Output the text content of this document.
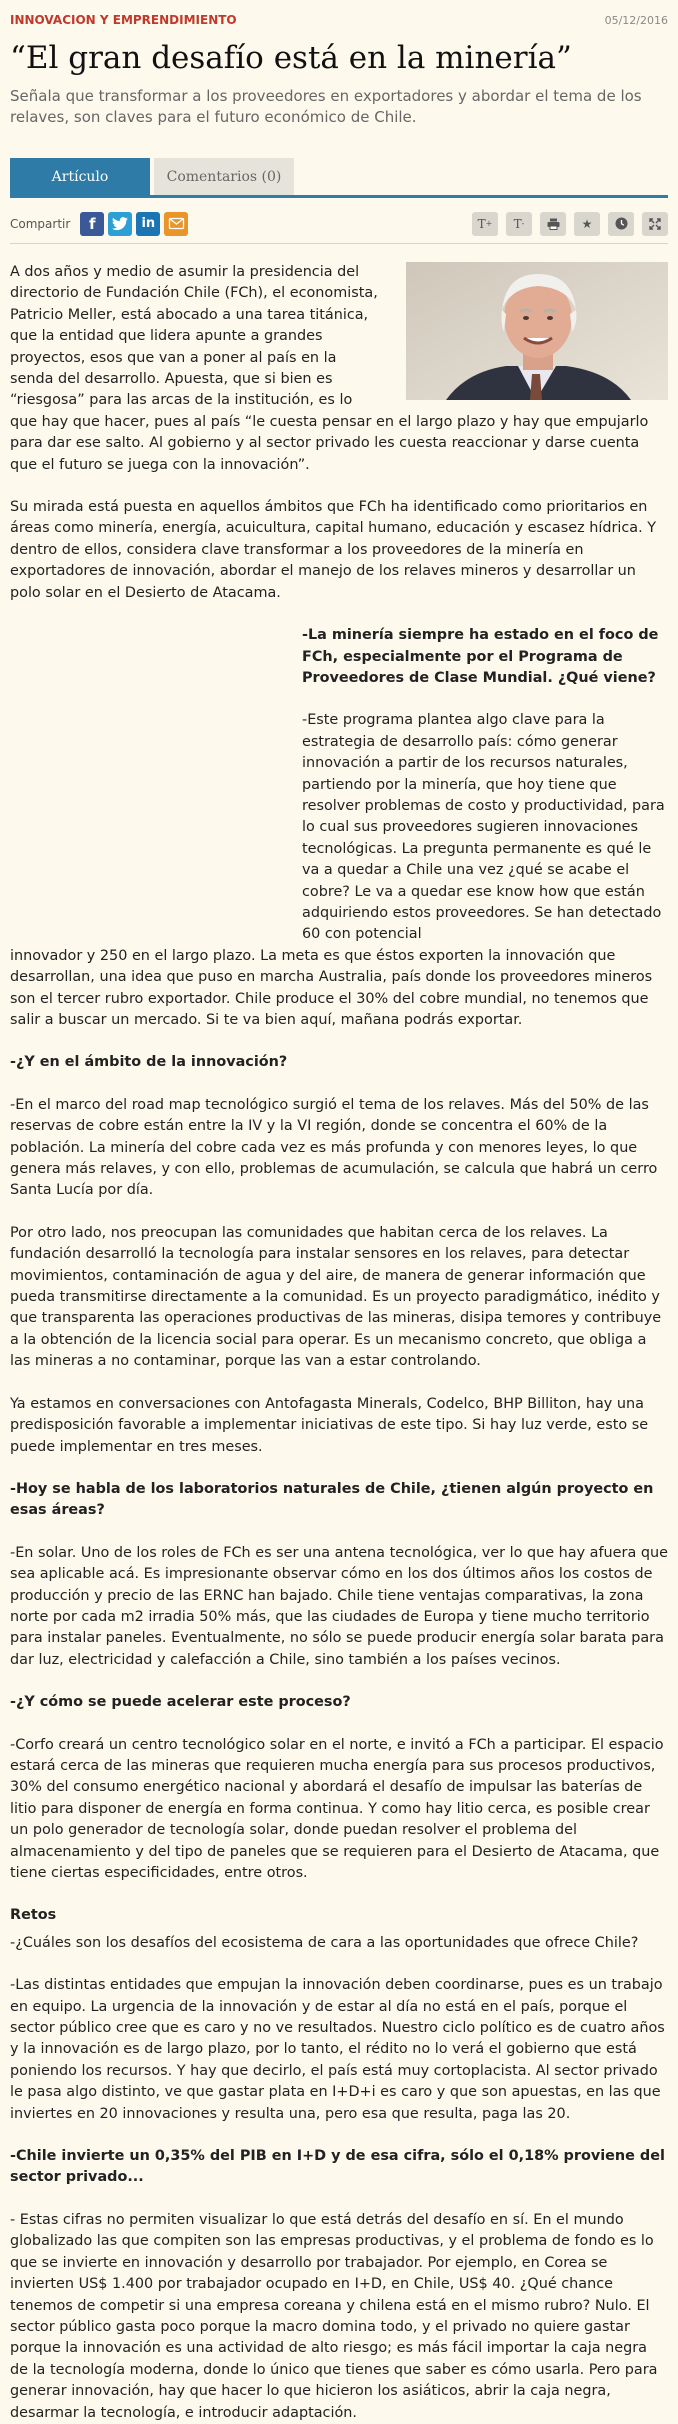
INNOVACION Y EMPRENDIMIENTO	05/12/2016
“El gran desafío está en la minería”

Señala que transformar a los proveedores en exportadores y abordar el tema de los relaves, son claves para el futuro económico de Chile.

Artículo	Comentarios (0)
Compartir	f	in	T +	T -	★

A dos años y medio de asumir la presidencia del directorio de Fundación Chile (FCh), el economista, Patricio Meller, está abocado a una tarea titánica, que la entidad que lidera apunte a grandes proyectos, esos que van a poner al país en la senda del desarrollo. Apuesta, que si bien es “riesgosa” para las arcas de la institución, es lo que hay que hacer, pues al país “le cuesta pensar en el largo plazo y hay que empujarlo para dar ese salto. Al gobierno y al sector privado les cuesta reaccionar y darse cuenta que el futuro se juega con la innovación”.

Su mirada está puesta en aquellos ámbitos que FCh ha identificado como prioritarios en áreas como minería, energía, acuicultura, capital humano, educación y escasez hídrica. Y dentro de ellos, considera clave transformar a los proveedores de la minería en exportadores de innovación, abordar el manejo de los relaves mineros y desarrollar un polo solar en el Desierto de Atacama.

-La minería siempre ha estado en el foco de FCh, especialmente por el Programa de Proveedores de Clase Mundial. ¿Qué viene?

-Este programa plantea algo clave para la estrategia de desarrollo país: cómo generar innovación a partir de los recursos naturales, partiendo por la minería, que hoy tiene que resolver problemas de costo y productividad, para lo cual sus proveedores sugieren innovaciones tecnológicas. La pregunta permanente es qué le va a quedar a Chile una vez ¿qué se acabe el cobre? Le va a quedar ese know how que están adquiriendo estos proveedores. Se han detectado 60 con potencial

innovador y 250 en el largo plazo. La meta es que éstos exporten la innovación que desarrollan, una idea que puso en marcha Australia, país donde los proveedores mineros son el tercer rubro exportador. Chile produce el 30% del cobre mundial, no tenemos que salir a buscar un mercado. Si te va bien aquí, mañana podrás exportar.

-¿Y en el ámbito de la innovación?

-En el marco del road map tecnológico surgió el tema de los relaves. Más del 50% de las reservas de cobre están entre la IV y la VI región, donde se concentra el 60% de la población. La minería del cobre cada vez es más profunda y con menores leyes, lo que genera más relaves, y con ello, problemas de acumulación, se calcula que habrá un cerro Santa Lucía por día.

Por otro lado, nos preocupan las comunidades que habitan cerca de los relaves. La fundación desarrolló la tecnología para instalar sensores en los relaves, para detectar movimientos, contaminación de agua y del aire, de manera de generar información que pueda transmitirse directamente a la comunidad. Es un proyecto paradigmático, inédito y que transparenta las operaciones productivas de las mineras, disipa temores y contribuye a la obtención de la licencia social para operar. Es un mecanismo concreto, que obliga a las mineras a no contaminar, porque las van a estar controlando.

Ya estamos en conversaciones con Antofagasta Minerals, Codelco, BHP Billiton, hay una predisposición favorable a implementar iniciativas de este tipo. Si hay luz verde, esto se puede implementar en tres meses.

-Hoy se habla de los laboratorios naturales de Chile, ¿tienen algún proyecto en esas áreas?

-En solar. Uno de los roles de FCh es ser una antena tecnológica, ver lo que hay afuera que sea aplicable acá. Es impresionante observar cómo en los dos últimos años los costos de producción y precio de las ERNC han bajado. Chile tiene ventajas comparativas, la zona norte por cada m2 irradia 50% más, que las ciudades de Europa y tiene mucho territorio para instalar paneles. Eventualmente, no sólo se puede producir energía solar barata para dar luz, electricidad y calefacción a Chile, sino también a los países vecinos.

-¿Y cómo se puede acelerar este proceso?

-Corfo creará un centro tecnológico solar en el norte, e invitó a FCh a participar. El espacio estará cerca de las mineras que requieren mucha energía para sus procesos productivos, 30% del consumo energético nacional y abordará el desafío de impulsar las baterías de litio para disponer de energía en forma continua. Y como hay litio cerca, es posible crear un polo generador de tecnología solar, donde puedan resolver el problema del almacenamiento y del tipo de paneles que se requieren para el Desierto de Atacama, que tiene ciertas especificidades, entre otros.

Retos

-¿Cuáles son los desafíos del ecosistema de cara a las oportunidades que ofrece Chile?

-Las distintas entidades que empujan la innovación deben coordinarse, pues es un trabajo en equipo. La urgencia de la innovación y de estar al día no está en el país, porque el sector público cree que es caro y no ve resultados. Nuestro ciclo político es de cuatro años y la innovación es de largo plazo, por lo tanto, el rédito no lo verá el gobierno que está poniendo los recursos. Y hay que decirlo, el país está muy cortoplacista. Al sector privado le pasa algo distinto, ve que gastar plata en I+D+i es caro y que son apuestas, en las que inviertes en 20 innovaciones y resulta una, pero esa que resulta, paga las 20.

-Chile invierte un 0,35% del PIB en I+D y de esa cifra, sólo el 0,18% proviene del sector privado...

- Estas cifras no permiten visualizar lo que está detrás del desafío en sí. En el mundo globalizado las que compiten son las empresas productivas, y el problema de fondo es lo que se invierte en innovación y desarrollo por trabajador. Por ejemplo, en Corea se invierten US$ 1.400 por trabajador ocupado en I+D, en Chile, US$ 40. ¿Qué chance tenemos de competir si una empresa coreana y chilena está en el mismo rubro? Nulo. El sector público gasta poco porque la macro domina todo, y el privado no quiere gastar porque la innovación es una actividad de alto riesgo; es más fácil importar la caja negra de la tecnología moderna, donde lo único que tienes que saber es cómo usarla. Pero para generar innovación, hay que hacer lo que hicieron los asiáticos, abrir la caja negra, desarmar la tecnología, e introducir adaptación.
